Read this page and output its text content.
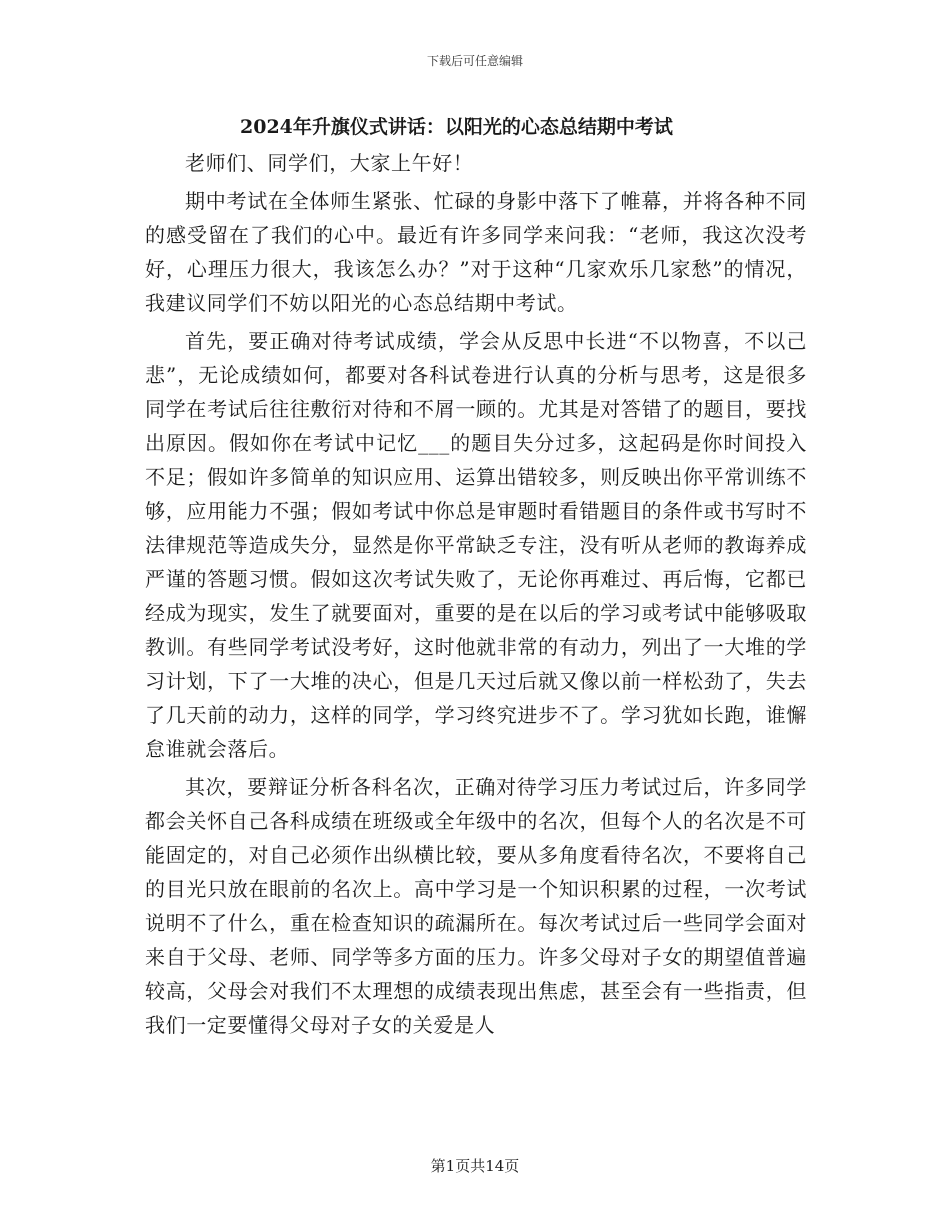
下载后可任意编辑
2024年升旗仪式讲话：以阳光的心态总结期中考试

老师们、同学们，大家上午好！

期中考试在全体师生紧张、忙碌的身影中落下了帷幕，并将各种不同的感受留在了我们的心中。最近有许多同学来问我：“老师，我这次没考好，心理压力很大，我该怎么办？”对于这种“几家欢乐几家愁”的情况，我建议同学们不妨以阳光的心态总结期中考试。

首先，要正确对待考试成绩，学会从反思中长进“不以物喜，不以己悲”，无论成绩如何，都要对各科试卷进行认真的分析与思考，这是很多同学在考试后往往敷衍对待和不屑一顾的。尤其是对答错了的题目，要找出原因。假如你在考试中记忆___的题目失分过多，这起码是你时间投入不足；假如许多简单的知识应用、运算出错较多，则反映出你平常训练不够，应用能力不强；假如考试中你总是审题时看错题目的条件或书写时不法律规范等造成失分，显然是你平常缺乏专注，没有听从老师的教诲养成严谨的答题习惯。假如这次考试失败了，无论你再难过、再后悔，它都已经成为现实，发生了就要面对，重要的是在以后的学习或考试中能够吸取教训。有些同学考试没考好，这时他就非常的有动力，列出了一大堆的学习计划，下了一大堆的决心，但是几天过后就又像以前一样松劲了，失去了几天前的动力，这样的同学，学习终究进步不了。学习犹如长跑，谁懈怠谁就会落后。

其次，要辩证分析各科名次，正确对待学习压力考试过后，许多同学都会关怀自己各科成绩在班级或全年级中的名次，但每个人的名次是不可能固定的，对自己必须作出纵横比较，要从多角度看待名次，不要将自己的目光只放在眼前的名次上。高中学习是一个知识积累的过程，一次考试说明不了什么，重在检查知识的疏漏所在。每次考试过后一些同学会面对来自于父母、老师、同学等多方面的压力。许多父母对子女的期望值普遍较高，父母会对我们不太理想的成绩表现出焦虑，甚至会有一些指责，但我们一定要懂得父母对子女的关爱是人

第1页共14页
